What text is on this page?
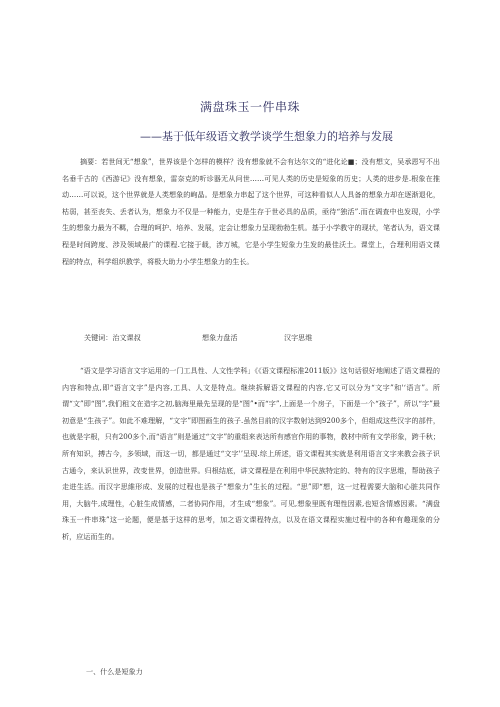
满盘珠玉一件串珠
——基于低年级语文教学谈学生想象力的培养与发展

摘要：若世间无“想象”，世界该是个怎样的模样？没有想象就不会有达尔文的“进化论■；没有想文，吴承恩写不出名垂千古的《西游记》没有想象，雷奈克的听诊器无从问世……可见人类的历史是短象的历史；人类的进步是.根象在推动……可以说，这个世界就是人类想象的峋晶。是想象力串起了这个世界，可这种看似人人具备的想象力却在逐渐退化，枯弱，甚至丧失、丢者认为，想象力不仅是一种能力，史是生存于世必具的品质，亟待“独活”.而在调查中也发现，小学生的想象力最为不羁，合理的呵护、培养、发展，定会让想象力呈现勃勃生机。基于小学教守的现状，笔者认为，语文课程是时间跨度、涉及领域最广的课程.它接于载，涉万城，它是小学生短象力生发的最佳沃土。课堂上，合理利用语文课程的特点，科学组织教学，将极大助力小学生想象力的生长。

关键词：治文课叔	想象力盘活	汉字思维

“语文是学习语言文字运用的一门工具性、人文性学科」《《语文课程标准2011版》》这句话很好地阐述了语文课程的内容和特点,即“语言文字”是内容,工具、人文是特点。继续拆解语文课程的内容,它又可以分为“文字”和'‘语言”。所谓“文”即“图”,我们租文在造字之初,脑海里最先呈现的是“图”•而“字”,上面是一个房子，下面是一个“孩子”，所以“字”最初意是“生孩子”。如此不难理解，“文字”即图画生的孩子.虽然目前的汉字数射达到9200多个，但组成这些汉字的部件，也就是字根，只有200多个,而“语言”则是通过“文字”的重组来表达所有感官作用的事物，教材中所有文学形象，跨千秋；所有知识，搏古今，多领域，而这一切，都是通过“文字'’呈现.综上所述，语文课程其实就是利用语言文字来教会孩子识古通今，来认识世界，改变世界，创造世界。归根结底，讲文课程是在利用中华民族特定的、特有的汉字思维，帮助孩子走进生活。而汉字思維形成、发展的过程也是孩子“想象力”生长的过程。“思”即“想，这一过程需要大脑和心脏共同作用，大脑牛,成理性，心脏生成情感，二者协同作用，才生成“想象”。可见,想象里既有理性因素,也短含情感因素。“满盘珠玉一件串珠”这一论题，便是基于这样的思考，加之语文课程特点，以及在语文课程实施过程中的各种有趣现象的分析，应运而生的。

一、什么是短象力
